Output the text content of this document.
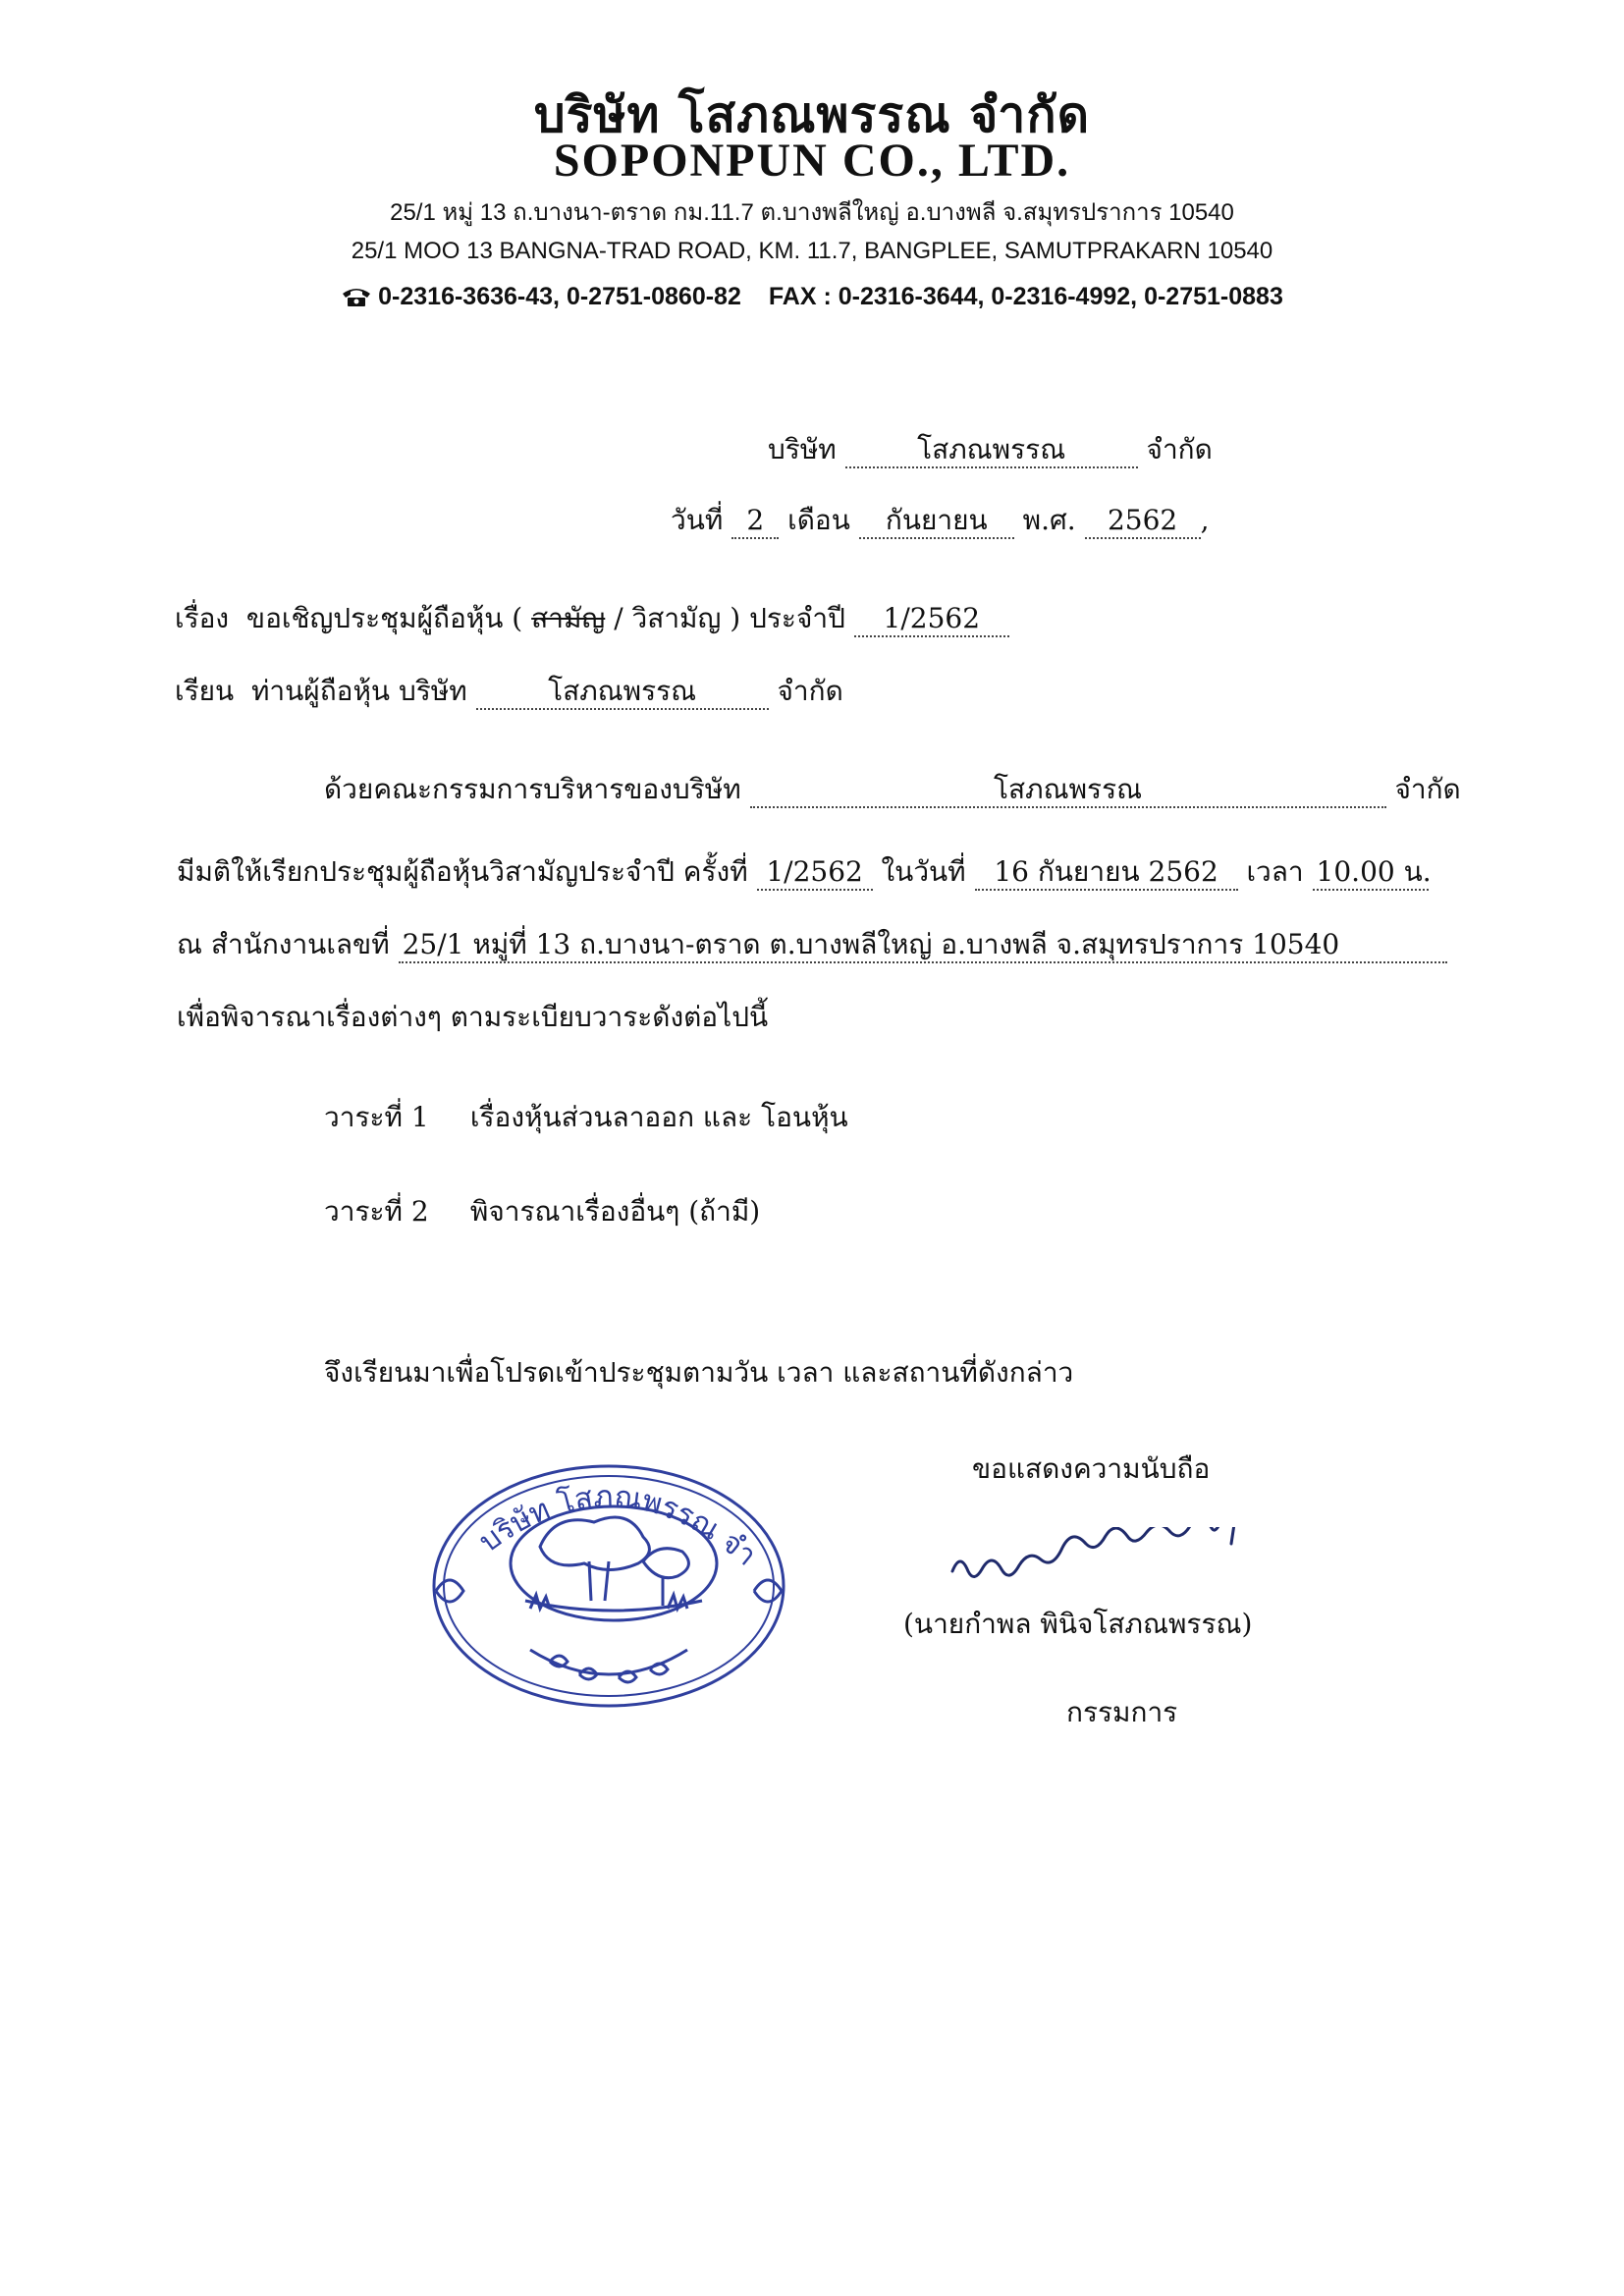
บริษัท โสภณพรรณ จำกัด
SOPONPUN CO., LTD.
25/1 หมู่ 13 ถ.บางนา-ตราด กม.11.7 ต.บางพลีใหญ่ อ.บางพลี จ.สมุทรปราการ 10540
25/1 MOO 13 BANGNA-TRAD ROAD, KM. 11.7, BANGPLEE, SAMUTPRAKARN 10540
0-2316-3636-43, 0-2751-0860-82 FAX : 0-2316-3644, 0-2316-4992, 0-2751-0883
บริษัท	โสภณพรรณ	จำกัด
วันที่ 2 เดือน กันยายน พ.ศ. 2562 ,
เรื่อง ขอเชิญประชุมผู้ถือหุ้น ( สามัญ / วิสามัญ ) ประจำปี 1/2562
เรียน ท่านผู้ถือหุ้น บริษัท	โสภณพรรณ	จำกัด
ด้วยคณะกรรมการบริหารของบริษัท	โสภณพรรณ	จำกัด
มีมติให้เรียกประชุมผู้ถือหุ้นวิสามัญประจำปี ครั้งที่ 1/2562 ในวันที่ 16 กันยายน 2562 เวลา 10.00 น.
ณ สำนักงานเลขที่ 25/1 หมู่ที่ 13 ถ.บางนา-ตราด ต.บางพลีใหญ่ อ.บางพลี จ.สมุทรปราการ 10540
เพื่อพิจารณาเรื่องต่างๆ ตามระเบียบวาระดังต่อไปนี้
วาระที่ 1 เรื่องหุ้นส่วนลาออก และ โอนหุ้น
วาระที่ 2 พิจารณาเรื่องอื่นๆ (ถ้ามี)
จึงเรียนมาเพื่อโปรดเข้าประชุมตามวัน เวลา และสถานที่ดังกล่าว
ขอแสดงความนับถือ
บริษัท โสภณพรรณ จำ
(นายกำพล พินิจโสภณพรรณ)
กรรมการ
